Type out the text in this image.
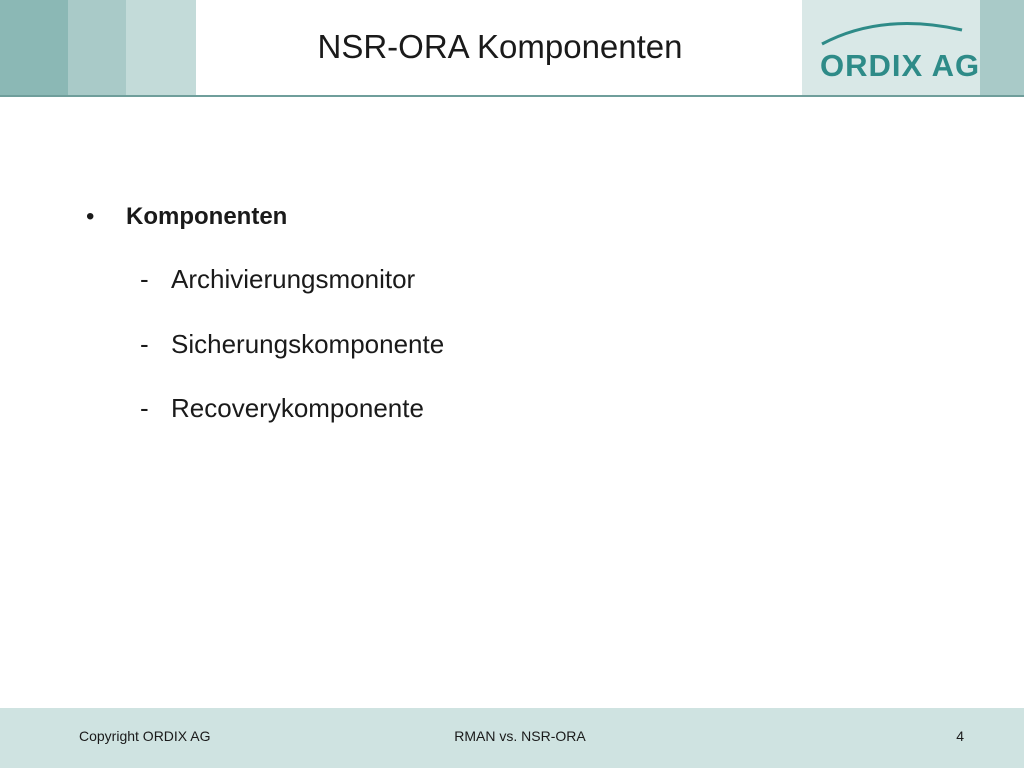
NSR-ORA Komponenten
ORDIX AG
• Komponenten
- Archivierungsmonitor
- Sicherungskomponente
- Recoverykomponente
Copyright ORDIX AG	RMAN vs. NSR-ORA	4
